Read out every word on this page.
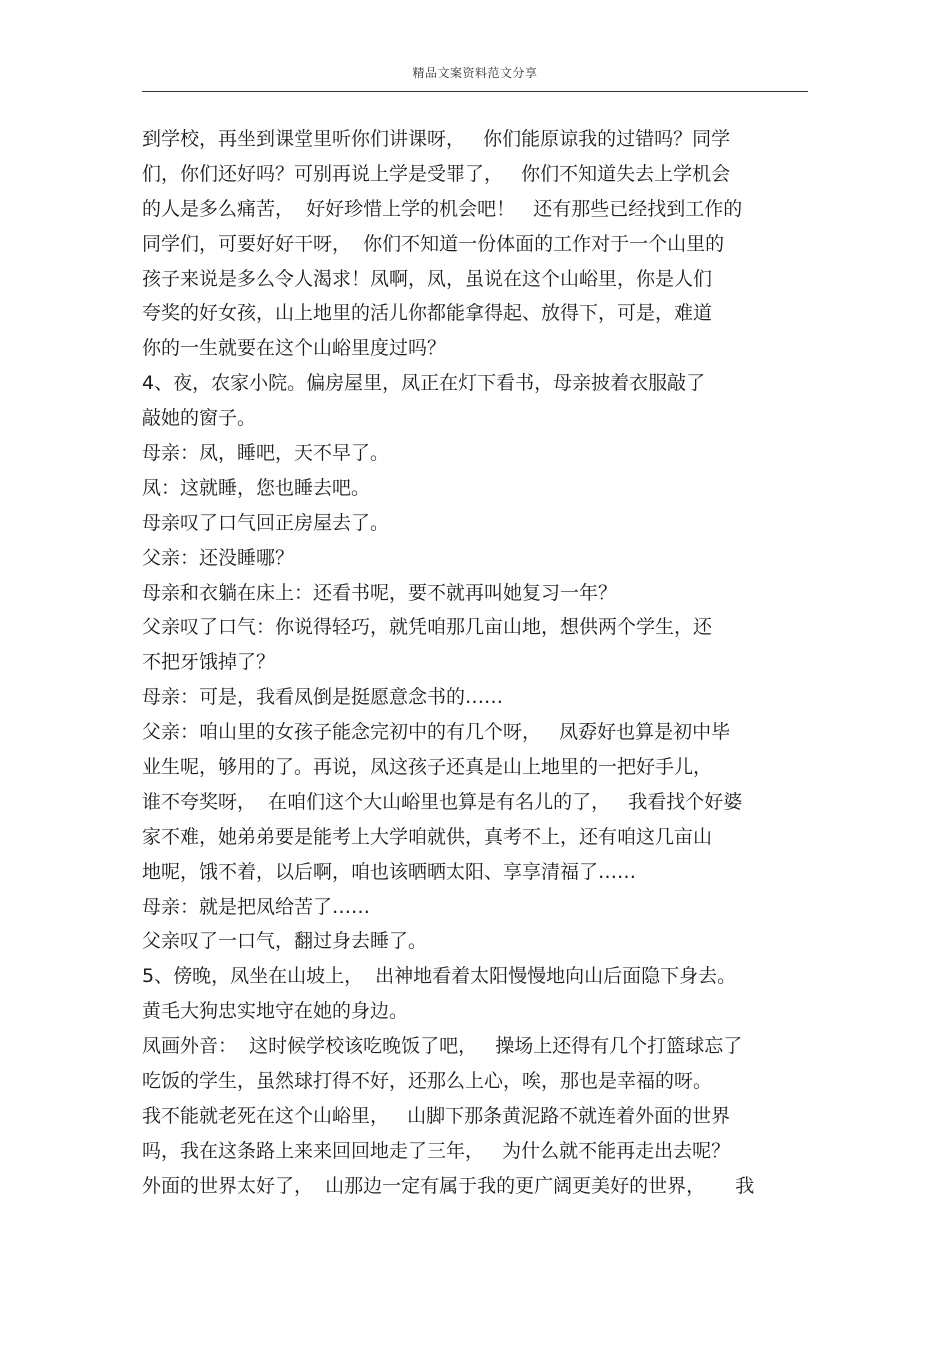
精品文案资料范文分享
到学校，再坐到课堂里听你们讲课呀，   你们能原谅我的过错吗？同学
们，你们还好吗？可别再说上学是受罪了，   你们不知道失去上学机会
的人是多么痛苦，  好好珍惜上学的机会吧！   还有那些已经找到工作的
同学们，可要好好干呀，  你们不知道一份体面的工作对于一个山里的
孩子来说是多么令人渴求！凤啊，凤，虽说在这个山峪里，你是人们
夸奖的好女孩，山上地里的活儿你都能拿得起、放得下，可是，难道
你的一生就要在这个山峪里度过吗？
4、夜，农家小院。偏房屋里，凤正在灯下看书，母亲披着衣服敲了
敲她的窗子。
母亲：凤，睡吧，天不早了。
凤：这就睡，您也睡去吧。
母亲叹了口气回正房屋去了。
父亲：还没睡哪？
母亲和衣躺在床上：还看书呢，要不就再叫她复习一年？
父亲叹了口气：你说得轻巧，就凭咱那几亩山地，想供两个学生，还
不把牙饿掉了？
母亲：可是，我看凤倒是挺愿意念书的……
父亲：咱山里的女孩子能念完初中的有几个呀，   凤孬好也算是初中毕
业生呢，够用的了。再说，凤这孩子还真是山上地里的一把好手儿，
谁不夸奖呀，  在咱们这个大山峪里也算是有名儿的了，   我看找个好婆
家不难，她弟弟要是能考上大学咱就供，真考不上，还有咱这几亩山
地呢，饿不着，以后啊，咱也该晒晒太阳、享享清福了……
母亲：就是把凤给苦了……
父亲叹了一口气，翻过身去睡了。
5、傍晚，凤坐在山坡上，  出神地看着太阳慢慢地向山后面隐下身去。
黄毛大狗忠实地守在她的身边。
凤画外音：  这时候学校该吃晚饭了吧，   操场上还得有几个打篮球忘了
吃饭的学生，虽然球打得不好，还那么上心，唉，那也是幸福的呀。
我不能就老死在这个山峪里，   山脚下那条黄泥路不就连着外面的世界
吗，我在这条路上来来回回地走了三年，   为什么就不能再走出去呢？
外面的世界太好了，  山那边一定有属于我的更广阔更美好的世界，     我
